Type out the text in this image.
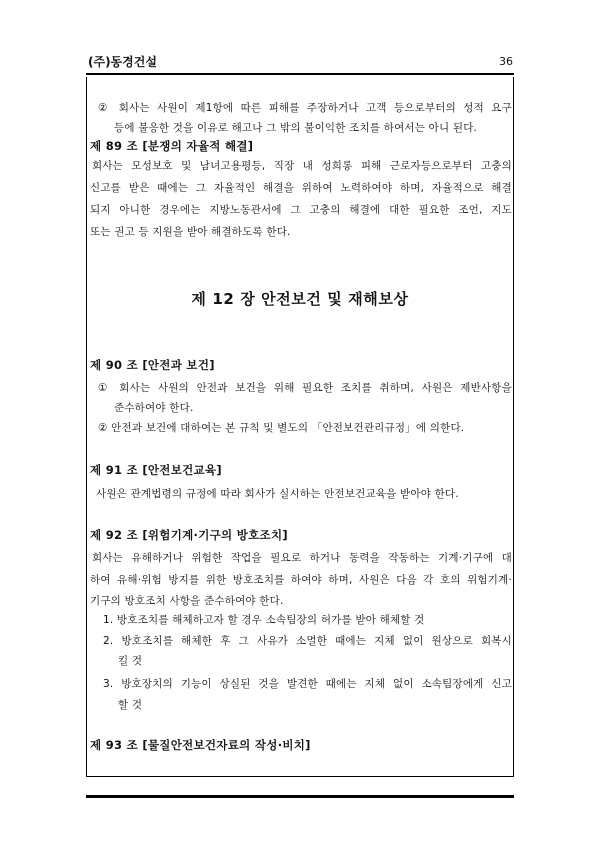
(주)동경건설	36
② 회사는 사원이 제1항에 따른 피해를 주장하거나 고객 등으로부터의 성적 요구
등에 불응한 것을 이유로 해고나 그 밖의 불이익한 조치를 하여서는 아니 된다.
제 89 조 [분쟁의 자율적 해결]
회사는 모성보호 및 남녀고용평등, 직장 내 성희롱 피해 근로자등으로부터 고충의
신고를 받은 때에는 그 자율적인 해결을 위하여 노력하여야 하며, 자율적으로 해결
되지 아니한 경우에는 지방노동관서에 그 고충의 해결에 대한 필요한 조언, 지도
또는 권고 등 지원을 받아 해결하도록 한다.
제 12 장 안전보건 및 재해보상
제 90 조 [안전과 보건]
① 회사는 사원의 안전과 보건을 위해 필요한 조치를 취하며, 사원은 제반사항을
준수하여야 한다.
② 안전과 보건에 대하여는 본 규칙 및 별도의 「안전보건관리규정」에 의한다.
제 91 조 [안전보건교육]
사원은 관계법령의 규정에 따라 회사가 실시하는 안전보건교육을 받아야 한다.
제 92 조 [위험기계·기구의 방호조치]
회사는 유해하거나 위험한 작업을 필요로 하거나 동력을 작동하는 기계·기구에 대
하여 유해·위험 방지를 위한 방호조치를 하여야 하며, 사원은 다음 각 호의 위험기계·
기구의 방호조치 사항을 준수하여야 한다.
1. 방호조치를 해체하고자 할 경우 소속팀장의 허가를 받아 해체할 것
2. 방호조치를 해체한 후 그 사유가 소멸한 때에는 지체 없이 원상으로 회복시
킬 것
3. 방호장치의 기능이 상실된 것을 발견한 때에는 지체 없이 소속팀장에게 신고
할 것
제 93 조 [물질안전보건자료의 작성·비치]
